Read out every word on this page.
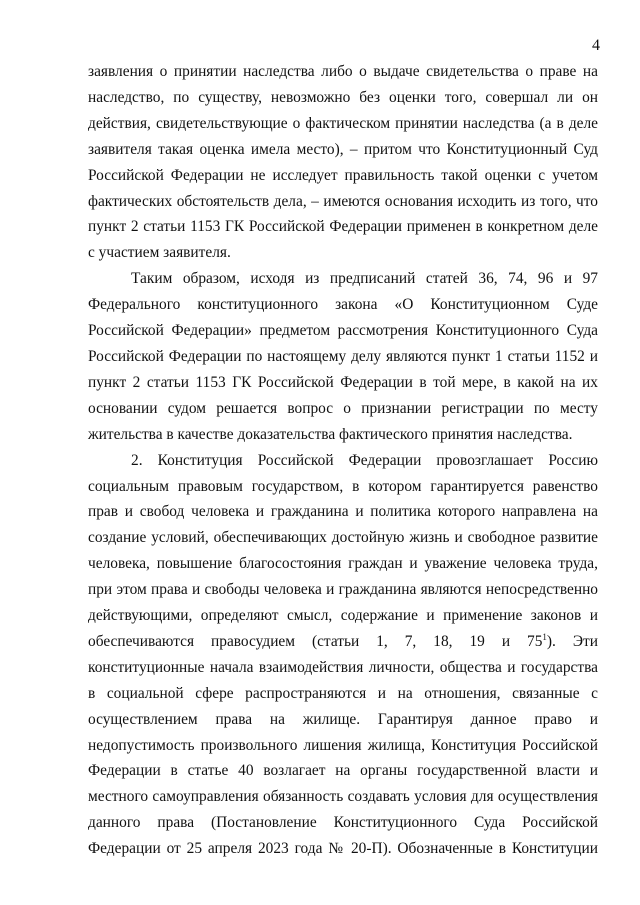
4

заявления о принятии наследства либо о выдаче свидетельства о праве на наследство, по существу, невозможно без оценки того, совершал ли он действия, свидетельствующие о фактическом принятии наследства (а в деле заявителя такая оценка имела место), – притом что Конституционный Суд Российской Федерации не исследует правильность такой оценки с учетом фактических обстоятельств дела, – имеются основания исходить из того, что пункт 2 статьи 1153 ГК Российской Федерации применен в конкретном деле с участием заявителя.

Таким образом, исходя из предписаний статей 36, 74, 96 и 97 Федерального конституционного закона «О Конституционном Суде Российской Федерации» предметом рассмотрения Конституционного Суда Российской Федерации по настоящему делу являются пункт 1 статьи 1152 и пункт 2 статьи 1153 ГК Российской Федерации в той мере, в какой на их основании судом решается вопрос о признании регистрации по месту жительства в качестве доказательства фактического принятия наследства.

2. Конституция Российской Федерации провозглашает Россию социальным правовым государством, в котором гарантируется равенство прав и свобод человека и гражданина и политика которого направлена на создание условий, обеспечивающих достойную жизнь и свободное развитие человека, повышение благосостояния граждан и уважение человека труда, при этом права и свободы человека и гражданина являются непосредственно действующими, определяют смысл, содержание и применение законов и обеспечиваются правосудием (статьи 1, 7, 18, 19 и $75^1$). Эти конституционные начала взаимодействия личности, общества и государства в социальной сфере распространяются и на отношения, связанные с осуществлением права на жилище. Гарантируя данное право и недопустимость произвольного лишения жилища, Конституция Российской Федерации в статье 40 возлагает на органы государственной власти и местного самоуправления обязанность создавать условия для осуществления данного права (Постановление Конституционного Суда Российской Федерации от 25 апреля 2023 года № 20-П). Обозначенные в Конституции
